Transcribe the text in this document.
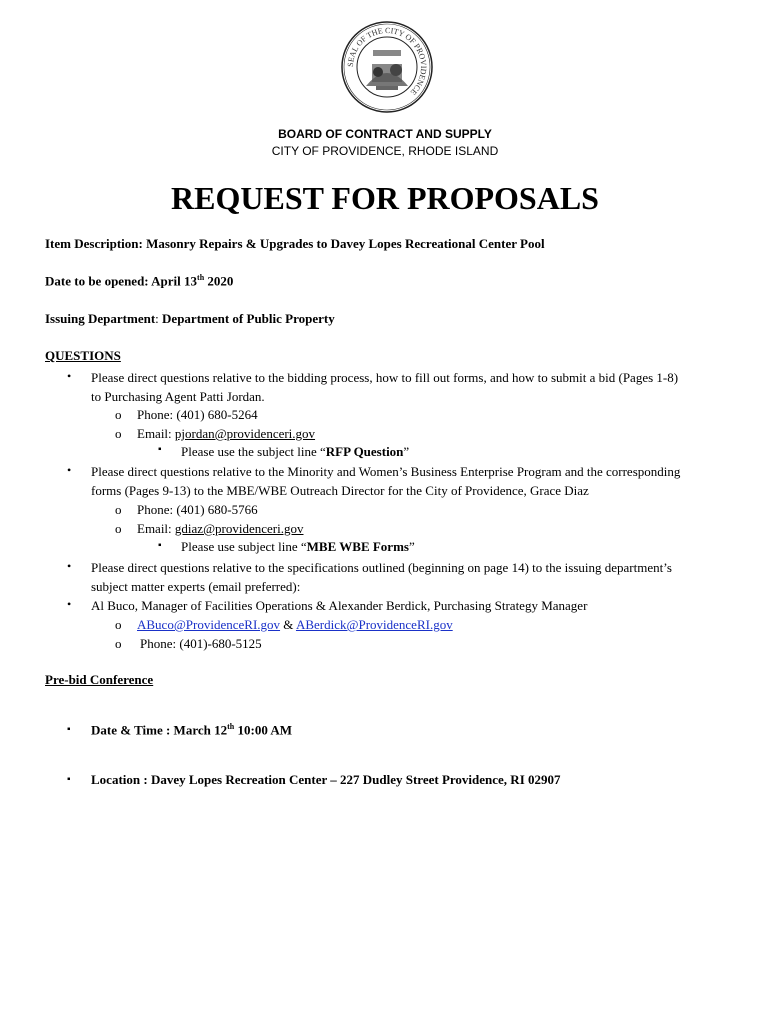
SEAL OF THE CITY OF PROVIDENCE
BOARD OF CONTRACT AND SUPPLY
CITY OF PROVIDENCE, RHODE ISLAND
REQUEST FOR PROPOSALS
Item Description: Masonry Repairs & Upgrades to Davey Lopes Recreational Center Pool
Date to be opened: April 13th 2020
Issuing Department: Department of Public Property
QUESTIONS
• Please direct questions relative to the bidding process, how to fill out forms, and how to submit a bid (Pages 1-8)
to Purchasing Agent Patti Jordan.
o Phone: (401) 680-5264
o Email: pjordan@providenceri.gov
▪ Please use the subject line “RFP Question”
• Please direct questions relative to the Minority and Women’s Business Enterprise Program and the corresponding
forms (Pages 9-13) to the MBE/WBE Outreach Director for the City of Providence, Grace Diaz
o Phone: (401) 680-5766
o Email: gdiaz@providenceri.gov
▪ Please use subject line “MBE WBE Forms”
• Please direct questions relative to the specifications outlined (beginning on page 14) to the issuing department’s
subject matter experts (email preferred):
• Al Buco, Manager of Facilities Operations & Alexander Berdick, Purchasing Strategy Manager
o ABuco@ProvidenceRI.gov & ABerdick@ProvidenceRI.gov
o Phone: (401)-680-5125
Pre-bid Conference
▪ Date & Time : March 12th 10:00 AM
▪ Location : Davey Lopes Recreation Center – 227 Dudley Street Providence, RI 02907
